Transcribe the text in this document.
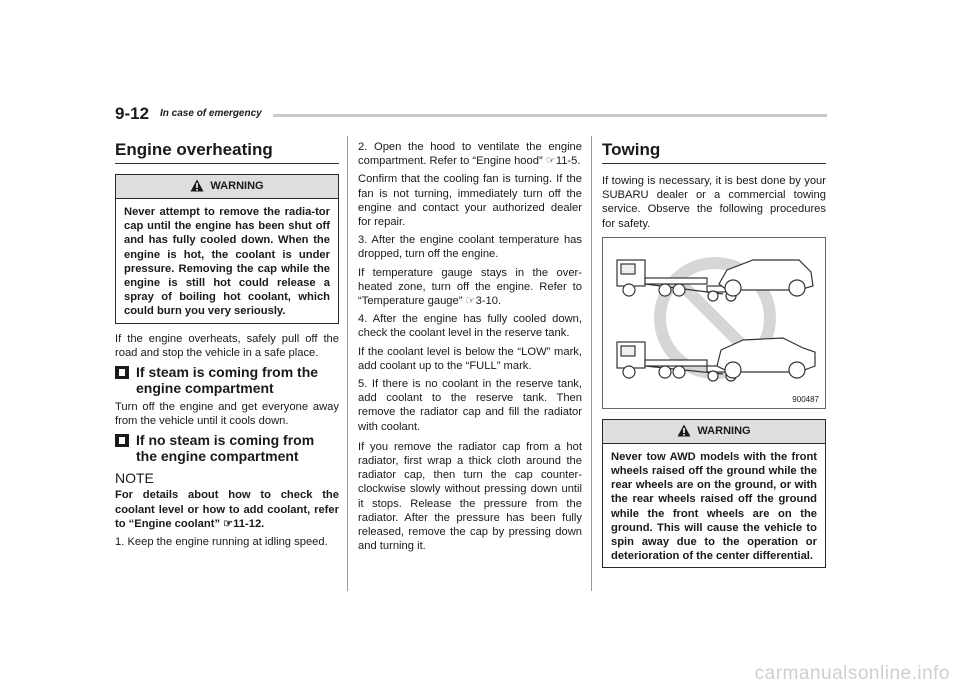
9-12 In case of emergency
Engine overheating
WARNING
Never attempt to remove the radia-tor cap until the engine has been shut off and has fully cooled down. When the engine is hot, the coolant is under pressure. Removing the cap while the engine is still hot could release a spray of boiling hot coolant, which could burn you very seriously.

If the engine overheats, safely pull off the road and stop the vehicle in a safe place.

If steam is coming from the engine compartment

Turn off the engine and get everyone away from the vehicle until it cools down.

If no steam is coming from the engine compartment
NOTE

For details about how to check the coolant level or how to add coolant, refer to “Engine coolant” ☞11-12.

1. Keep the engine running at idling speed.

2. Open the hood to ventilate the engine compartment. Refer to “Engine hood” ☞11-5.

Confirm that the cooling fan is turning. If the fan is not turning, immediately turn off the engine and contact your authorized dealer for repair.

3. After the engine coolant temperature has dropped, turn off the engine.

If temperature gauge stays in the over-heated zone, turn off the engine. Refer to “Temperature gauge” ☞3-10.

4. After the engine has fully cooled down, check the coolant level in the reserve tank.

If the coolant level is below the “LOW” mark, add coolant up to the “FULL” mark.

5. If there is no coolant in the reserve tank, add coolant to the reserve tank. Then remove the radiator cap and fill the radiator with coolant.

If you remove the radiator cap from a hot radiator, first wrap a thick cloth around the radiator cap, then turn the cap counter-clockwise slowly without pressing down until it stops. Release the pressure from the radiator. After the pressure has been fully released, remove the cap by pressing down and turning it.

Towing

If towing is necessary, it is best done by your SUBARU dealer or a commercial towing service. Observe the following procedures for safety.

900487
WARNING
Never tow AWD models with the front wheels raised off the ground while the rear wheels are on the ground, or with the rear wheels raised off the ground while the front wheels are on the ground. This will cause the vehicle to spin away due to the operation or deterioration of the center differential.
carmanualsonline.info
